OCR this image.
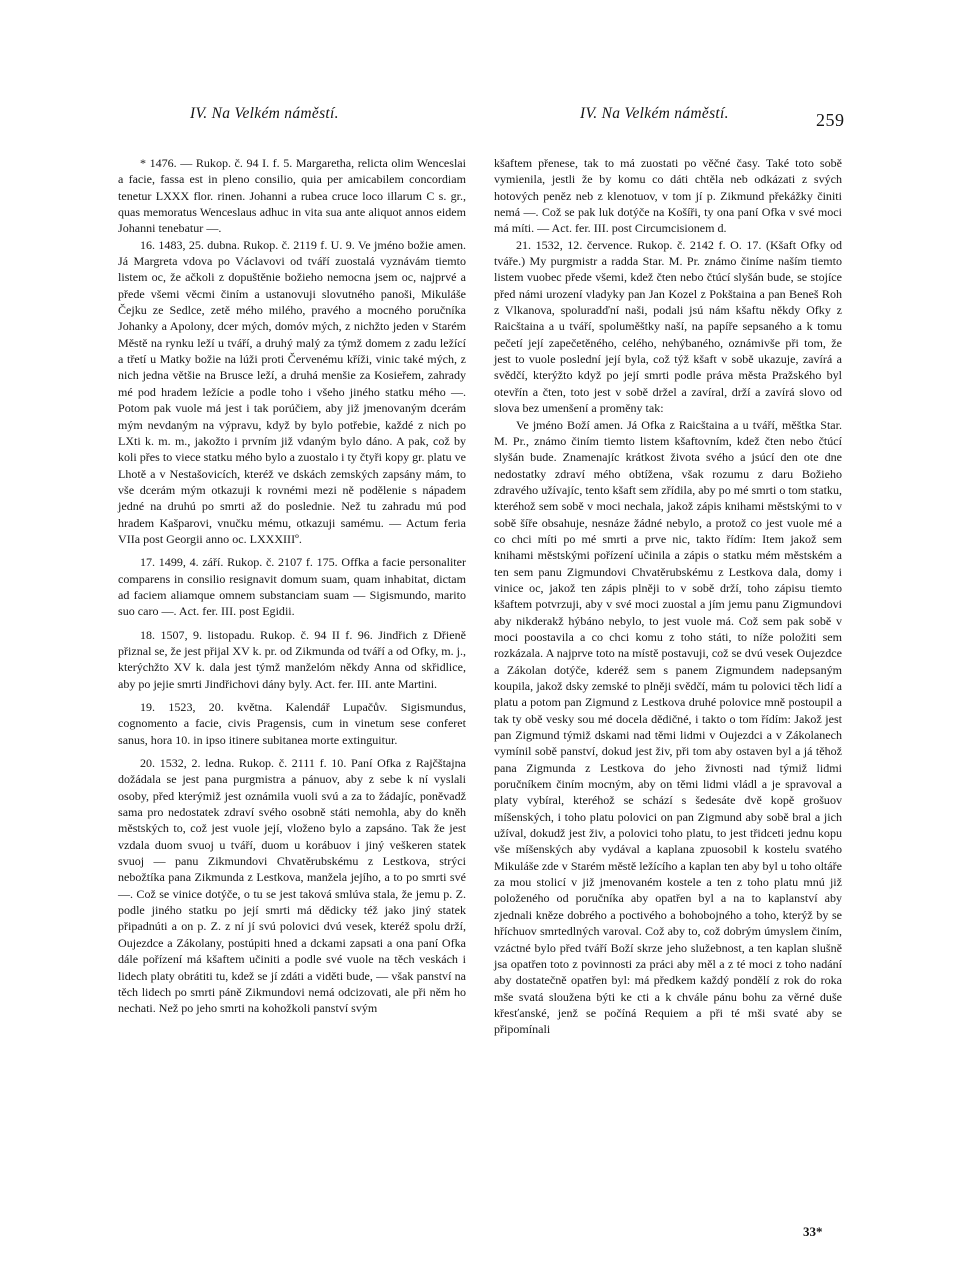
IV. Na Velkém náměstí.	IV. Na Velkém náměstí.	259

* 1476. — Rukop. č. 94 I. f. 5. Margaretha, relicta olim Wenceslai a facie, fassa est in pleno consilio, quia per amicabilem concordiam tenetur LXXX flor. rinen. Johanni a rubea cruce loco illarum C s. gr., quas memoratus Wenceslaus adhuc in vita sua ante aliquot annos eidem Johanni tenebatur —.

16. 1483, 25. dubna. Rukop. č. 2119 f. U. 9. Ve jméno božie amen. Já Margreta vdova po Václavovi od tváří zuostalá vyznávám tiemto listem oc, že ačkoli z dopuštěnie božieho nemocna jsem oc, najprvé a přede všemi věcmi činím a ustanovuji slovutného panoši, Mikuláše Čejku ze Sedlce, zetě mého milého, pravého a mocného poručníka Johanky a Apolony, dcer mých, domóv mých, z nichžto jeden v Starém Městě na rynku leží u tváří, a druhý malý za týmž domem z zadu ležící a třetí u Matky božie na lúži proti Červenému kříži, vinic také mých, z nich jedna většie na Brusce leží, a druhá menšie za Kosieřem, zahrady mé pod hradem ležície a podle toho i všeho jiného statku mého —. Potom pak vuole má jest i tak porúčiem, aby již jmenovaným dcerám mým nevdaným na výpravu, když by bylo potřebie, každé z nich po LXti k. m. m., jakožto i prvním již vdaným bylo dáno. A pak, což by koli přes to viece statku mého bylo a zuostalo i ty čtyři kopy gr. platu ve Lhotě a v Nestašovicích, kteréž ve dskách zemských zapsány mám, to vše dcerám mým otkazuji k rovnémi mezi ně podělenie s nápadem jedné na druhú po smrti až do poslednie. Než tu zahradu mú pod hradem Kašparovi, vnučku mému, otkazuji samému. — Actum feria VIIa post Georgii anno oc. LXXXIIIº.

17. 1499, 4. září. Rukop. č. 2107 f. 175. Offka a facie personaliter comparens in consilio resignavit domum suam, quam inhabitat, dictam ad faciem aliamque omnem substanciam suam — Sigismundo, marito suo caro —. Act. fer. III. post Egidii.

18. 1507, 9. listopadu. Rukop. č. 94 II f. 96. Jindřich z Dřieně přiznal se, že jest přijal XV k. pr. od Zikmunda od tváří a od Ofky, m. j., kterýchžto XV k. dala jest týmž manželóm někdy Anna od skřidlice, aby po jejie smrti Jindřichovi dány byly. Act. fer. III. ante Martini.

19. 1523, 20. května. Kalendář Lupačův. Sigismundus, cognomento a facie, civis Pragensis, cum in vinetum sese conferet sanus, hora 10. in ipso itinere subitanea morte extinguitur.

20. 1532, 2. ledna. Rukop. č. 2111 f. 10. Paní Ofka z Rajčštajna dožádala se jest pana purgmistra a pánuov, aby z sebe k ní vyslali osoby, před kterýmiž jest oznámila vuoli svú a za to žádajíc, poněvadž sama pro nedostatek zdraví svého osobně státi nemohla, aby do kněh městských to, což jest vuole její, vloženo bylo a zapsáno. Tak že jest vzdala duom svuoj u tváří, duom u korábuov i jiný veškeren statek svuoj — panu Zikmundovi Chvatěrubskému z Lestkova, strýci nebožtíka pana Zikmunda z Lestkova, manžela jejího, a to po smrti své —. Což se vinice dotýče, o tu se jest taková smlúva stala, že jemu p. Z. podle jiného statku po její smrti má dědicky též jako jiný statek připadnúti a on p. Z. z ní jí svú polovici dvú vesek, kteréž spolu drží, Oujezdce a Zákolany, postúpiti hned a dckami zapsati a ona paní Ofka dále pořízení má kšaftem učiniti a podle své vuole na těch veskách i lidech platy obrátiti tu, kdež se jí zdáti a viděti bude, — však panství na těch lidech po smrti páně Zikmundovi nemá odcizovati, ale při něm ho nechati. Než po jeho smrti na kohožkoli panství svým

kšaftem přenese, tak to má zuostati po věčné časy. Také toto sobě vymienila, jestli že by komu co dáti chtěla neb odkázati z svých hotových peněz neb z klenotuov, v tom jí p. Zikmund překážky činiti nemá —. Což se pak luk dotýče na Košíři, ty ona paní Ofka v své moci má míti. — Act. fer. III. post Circumcisionem d.

21. 1532, 12. července. Rukop. č. 2142 f. O. 17. (Kšaft Ofky od tváře.) My purgmistr a radda Star. M. Pr. známo činíme naším tiemto listem vuobec přede všemi, kdež čten nebo čtúcí slyšán bude, se stojíce před námi urození vladyky pan Jan Kozel z Pokštaina a pan Beneš Roh z Vlkanova, spoluradďní naši, podali jsú nám kšaftu někdy Ofky z Raicštaina a u tváří, spoluměštky naší, na papíře sepsaného a k tomu pečetí její zapečetěného, celého, nehýbaného, oznámivše při tom, že jest to vuole poslední její byla, což týž kšaft v sobě ukazuje, zavírá a svědčí, kterýžto když po její smrti podle práva města Pražského byl otevřín a čten, toto jest v sobě držel a zavíral, drží a zavírá slovo od slova bez umenšení a proměny tak:

Ve jméno Boží amen. Já Ofka z Raicštaina a u tváří, měštka Star. M. Pr., známo činím tiemto listem kšaftovním, kdež čten nebo čtúcí slyšán bude. Znamenajíc krátkost života svého a jsúcí den ote dne nedostatky zdraví mého obtížena, však rozumu z daru Božieho zdravého užívajíc, tento kšaft sem zřídila, aby po mé smrti o tom statku, kteréhož sem sobě v moci nechala, jakož zápis knihami městskými to v sobě šíře obsahuje, nesnáze žádné nebylo, a protož co jest vuole mé a co chci míti po mé smrti a prve nic, takto řídím: Item jakož sem knihami městskými pořízení učinila a zápis o statku mém městském a ten sem panu Zigmundovi Chvatěrubskému z Lestkova dala, domy i vinice oc, jakož ten zápis plněji to v sobě drží, toho zápisu tiemto kšaftem potvrzuji, aby v své moci zuostal a jím jemu panu Zigmundovi aby nikderakž hýbáno nebylo, to jest vuole má. Což sem pak sobě v moci poostavila a co chci komu z toho státi, to níže položiti sem rozkázala. A najprve toto na místě postavuji, což se dvú vesek Oujezdce a Zákolan dotýče, kderéž sem s panem Zigmundem nadepsaným koupila, jakož dsky zemské to plněji svědčí, mám tu polovici těch lidí a platu a potom pan Zigmund z Lestkova druhé polovice mně postoupil a tak ty obě vesky sou mé docela dědičné, i takto o tom řídím: Jakož jest pan Zigmund týmiž dskami nad těmi lidmi v Oujezdci a v Zákolanech vymínil sobě panství, dokud jest živ, při tom aby ostaven byl a já těhož pana Zigmunda z Lestkova do jeho živnosti nad týmiž lidmi poručníkem činím mocným, aby on těmi lidmi vládl a je spravoval a platy vybíral, kteréhož se schází s šedesáte dvě kopě grošuov míšenských, i toho platu polovici on pan Zigmund aby sobě bral a jich užíval, dokudž jest živ, a polovici toho platu, to jest třidceti jednu kopu vše míšenských aby vydával a kaplana zpuosobil k kostelu svatého Mikuláše zde v Starém městě ležícího a kaplan ten aby byl u toho oltáře za mou stolicí v již jmenovaném kostele a ten z toho platu mnú již položeného od poručníka aby opatřen byl a na to kaplanství aby zjednali kněze dobrého a poctivého a bohobojného a toho, kterýž by se hříchuov smrtedlných varoval. Což aby to, což dobrým úmyslem činím, vzáctné bylo před tváří Boží skrze jeho služebnost, a ten kaplan slušně jsa opatřen toto z povinnosti za práci aby měl a z té moci z toho nadání aby dostatečně opatřen byl: má předkem každý pondělí z rok do roka mše svatá sloužena býti ke cti a k chvále pánu bohu za věrné duše křesťanské, jenž se počíná Requiem a při té mši svaté aby se připomínali

33*
